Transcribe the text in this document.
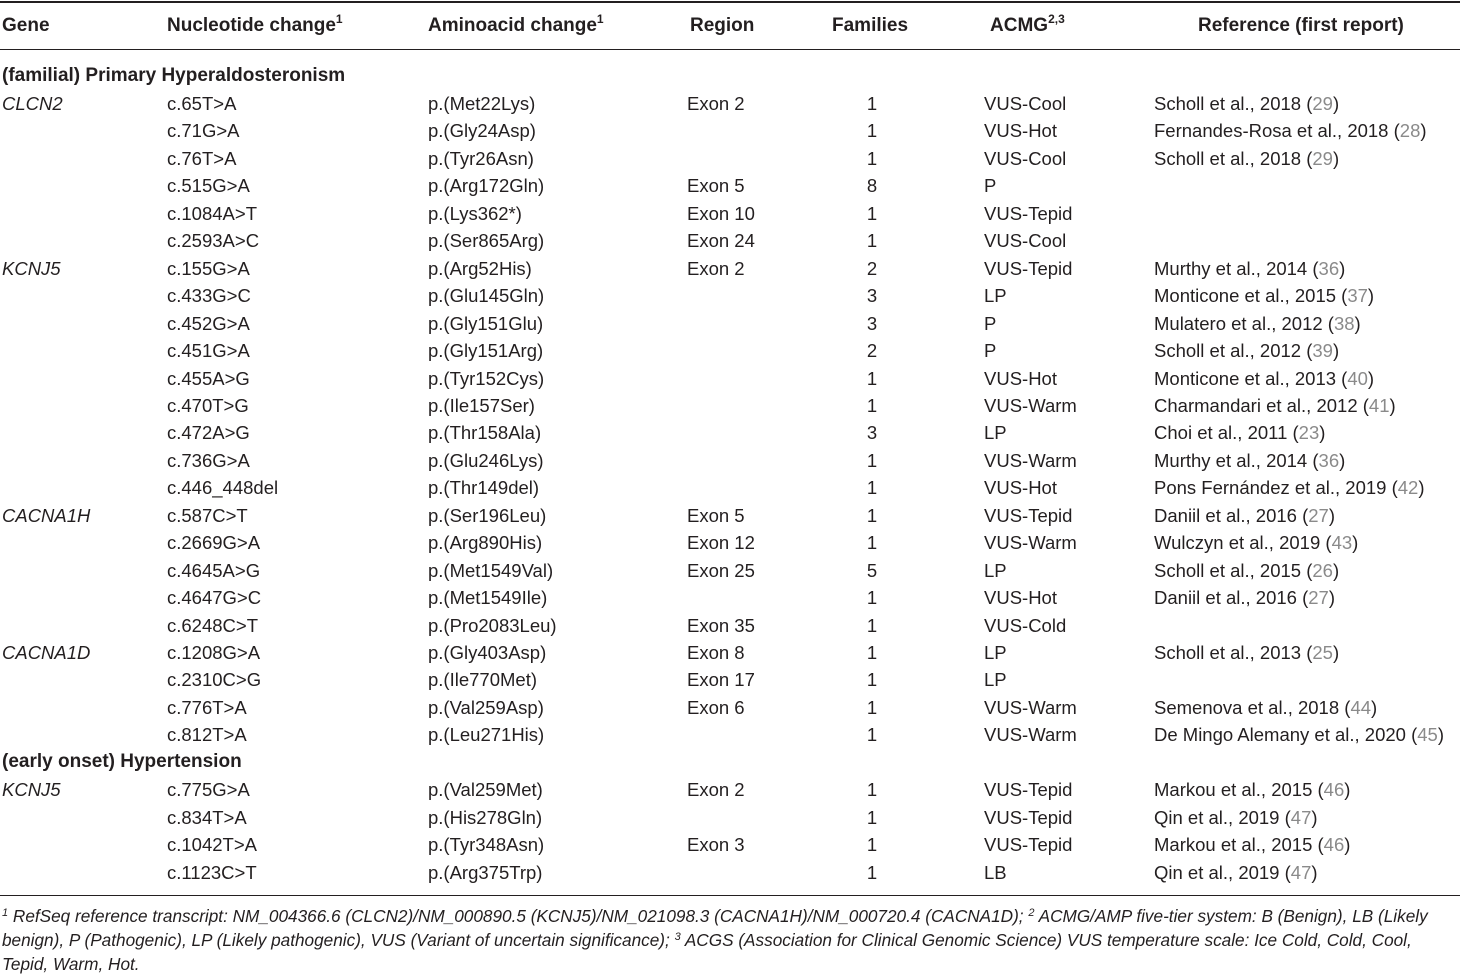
Gene	Nucleotide change$^1$	Aminoacid change$^1$	Region	Families	ACMG$^{2,3}$	Reference (first report)
(familial) Primary Hyperaldosteronism
CLCN2	c.65T>A	p.(Met22Lys)	Exon 2	1	VUS-Cool	Scholl et al., 2018 (29)
c.71G>A	p.(Gly24Asp)	1	VUS-Hot	Fernandes-Rosa et al., 2018 (28)
c.76T>A	p.(Tyr26Asn)	1	VUS-Cool	Scholl et al., 2018 (29)
c.515G>A	p.(Arg172Gln)	Exon 5	8	P
c.1084A>T	p.(Lys362*)	Exon 10	1	VUS-Tepid
c.2593A>C	p.(Ser865Arg)	Exon 24	1	VUS-Cool
KCNJ5	c.155G>A	p.(Arg52His)	Exon 2	2	VUS-Tepid	Murthy et al., 2014 (36)
c.433G>C	p.(Glu145Gln)	3	LP	Monticone et al., 2015 (37)
c.452G>A	p.(Gly151Glu)	3	P	Mulatero et al., 2012 (38)
c.451G>A	p.(Gly151Arg)	2	P	Scholl et al., 2012 (39)
c.455A>G	p.(Tyr152Cys)	1	VUS-Hot	Monticone et al., 2013 (40)
c.470T>G	p.(Ile157Ser)	1	VUS-Warm	Charmandari et al., 2012 (41)
c.472A>G	p.(Thr158Ala)	3	LP	Choi et al., 2011 (23)
c.736G>A	p.(Glu246Lys)	1	VUS-Warm	Murthy et al., 2014 (36)
c.446_448del	p.(Thr149del)	1	VUS-Hot	Pons Fernández et al., 2019 (42)
CACNA1H	c.587C>T	p.(Ser196Leu)	Exon 5	1	VUS-Tepid	Daniil et al., 2016 (27)
c.2669G>A	p.(Arg890His)	Exon 12	1	VUS-Warm	Wulczyn et al., 2019 (43)
c.4645A>G	p.(Met1549Val)	Exon 25	5	LP	Scholl et al., 2015 (26)
c.4647G>C	p.(Met1549Ile)	1	VUS-Hot	Daniil et al., 2016 (27)
c.6248C>T	p.(Pro2083Leu)	Exon 35	1	VUS-Cold
CACNA1D	c.1208G>A	p.(Gly403Asp)	Exon 8	1	LP	Scholl et al., 2013 (25)
c.2310C>G	p.(Ile770Met)	Exon 17	1	LP
c.776T>A	p.(Val259Asp)	Exon 6	1	VUS-Warm	Semenova et al., 2018 (44)
c.812T>A	p.(Leu271His)	1	VUS-Warm	De Mingo Alemany et al., 2020 (45)
(early onset) Hypertension
KCNJ5	c.775G>A	p.(Val259Met)	Exon 2	1	VUS-Tepid	Markou et al., 2015 (46)
c.834T>A	p.(His278Gln)	1	VUS-Tepid	Qin et al., 2019 (47)
c.1042T>A	p.(Tyr348Asn)	Exon 3	1	VUS-Tepid	Markou et al., 2015 (46)
c.1123C>T	p.(Arg375Trp)	1	LB	Qin et al., 2019 (47)
$^1$ RefSeq reference transcript: NM_004366.6 (CLCN2)/NM_000890.5 (KCNJ5)/NM_021098.3 (CACNA1H)/NM_000720.4 (CACNA1D); $^2$ ACMG/AMP five-tier system: B (Benign), LB (Likely benign), P (Pathogenic), LP (Likely pathogenic), VUS (Variant of uncertain significance); $^3$ ACGS (Association for Clinical Genomic Science) VUS temperature scale: Ice Cold, Cold, Cool, Tepid, Warm, Hot.
